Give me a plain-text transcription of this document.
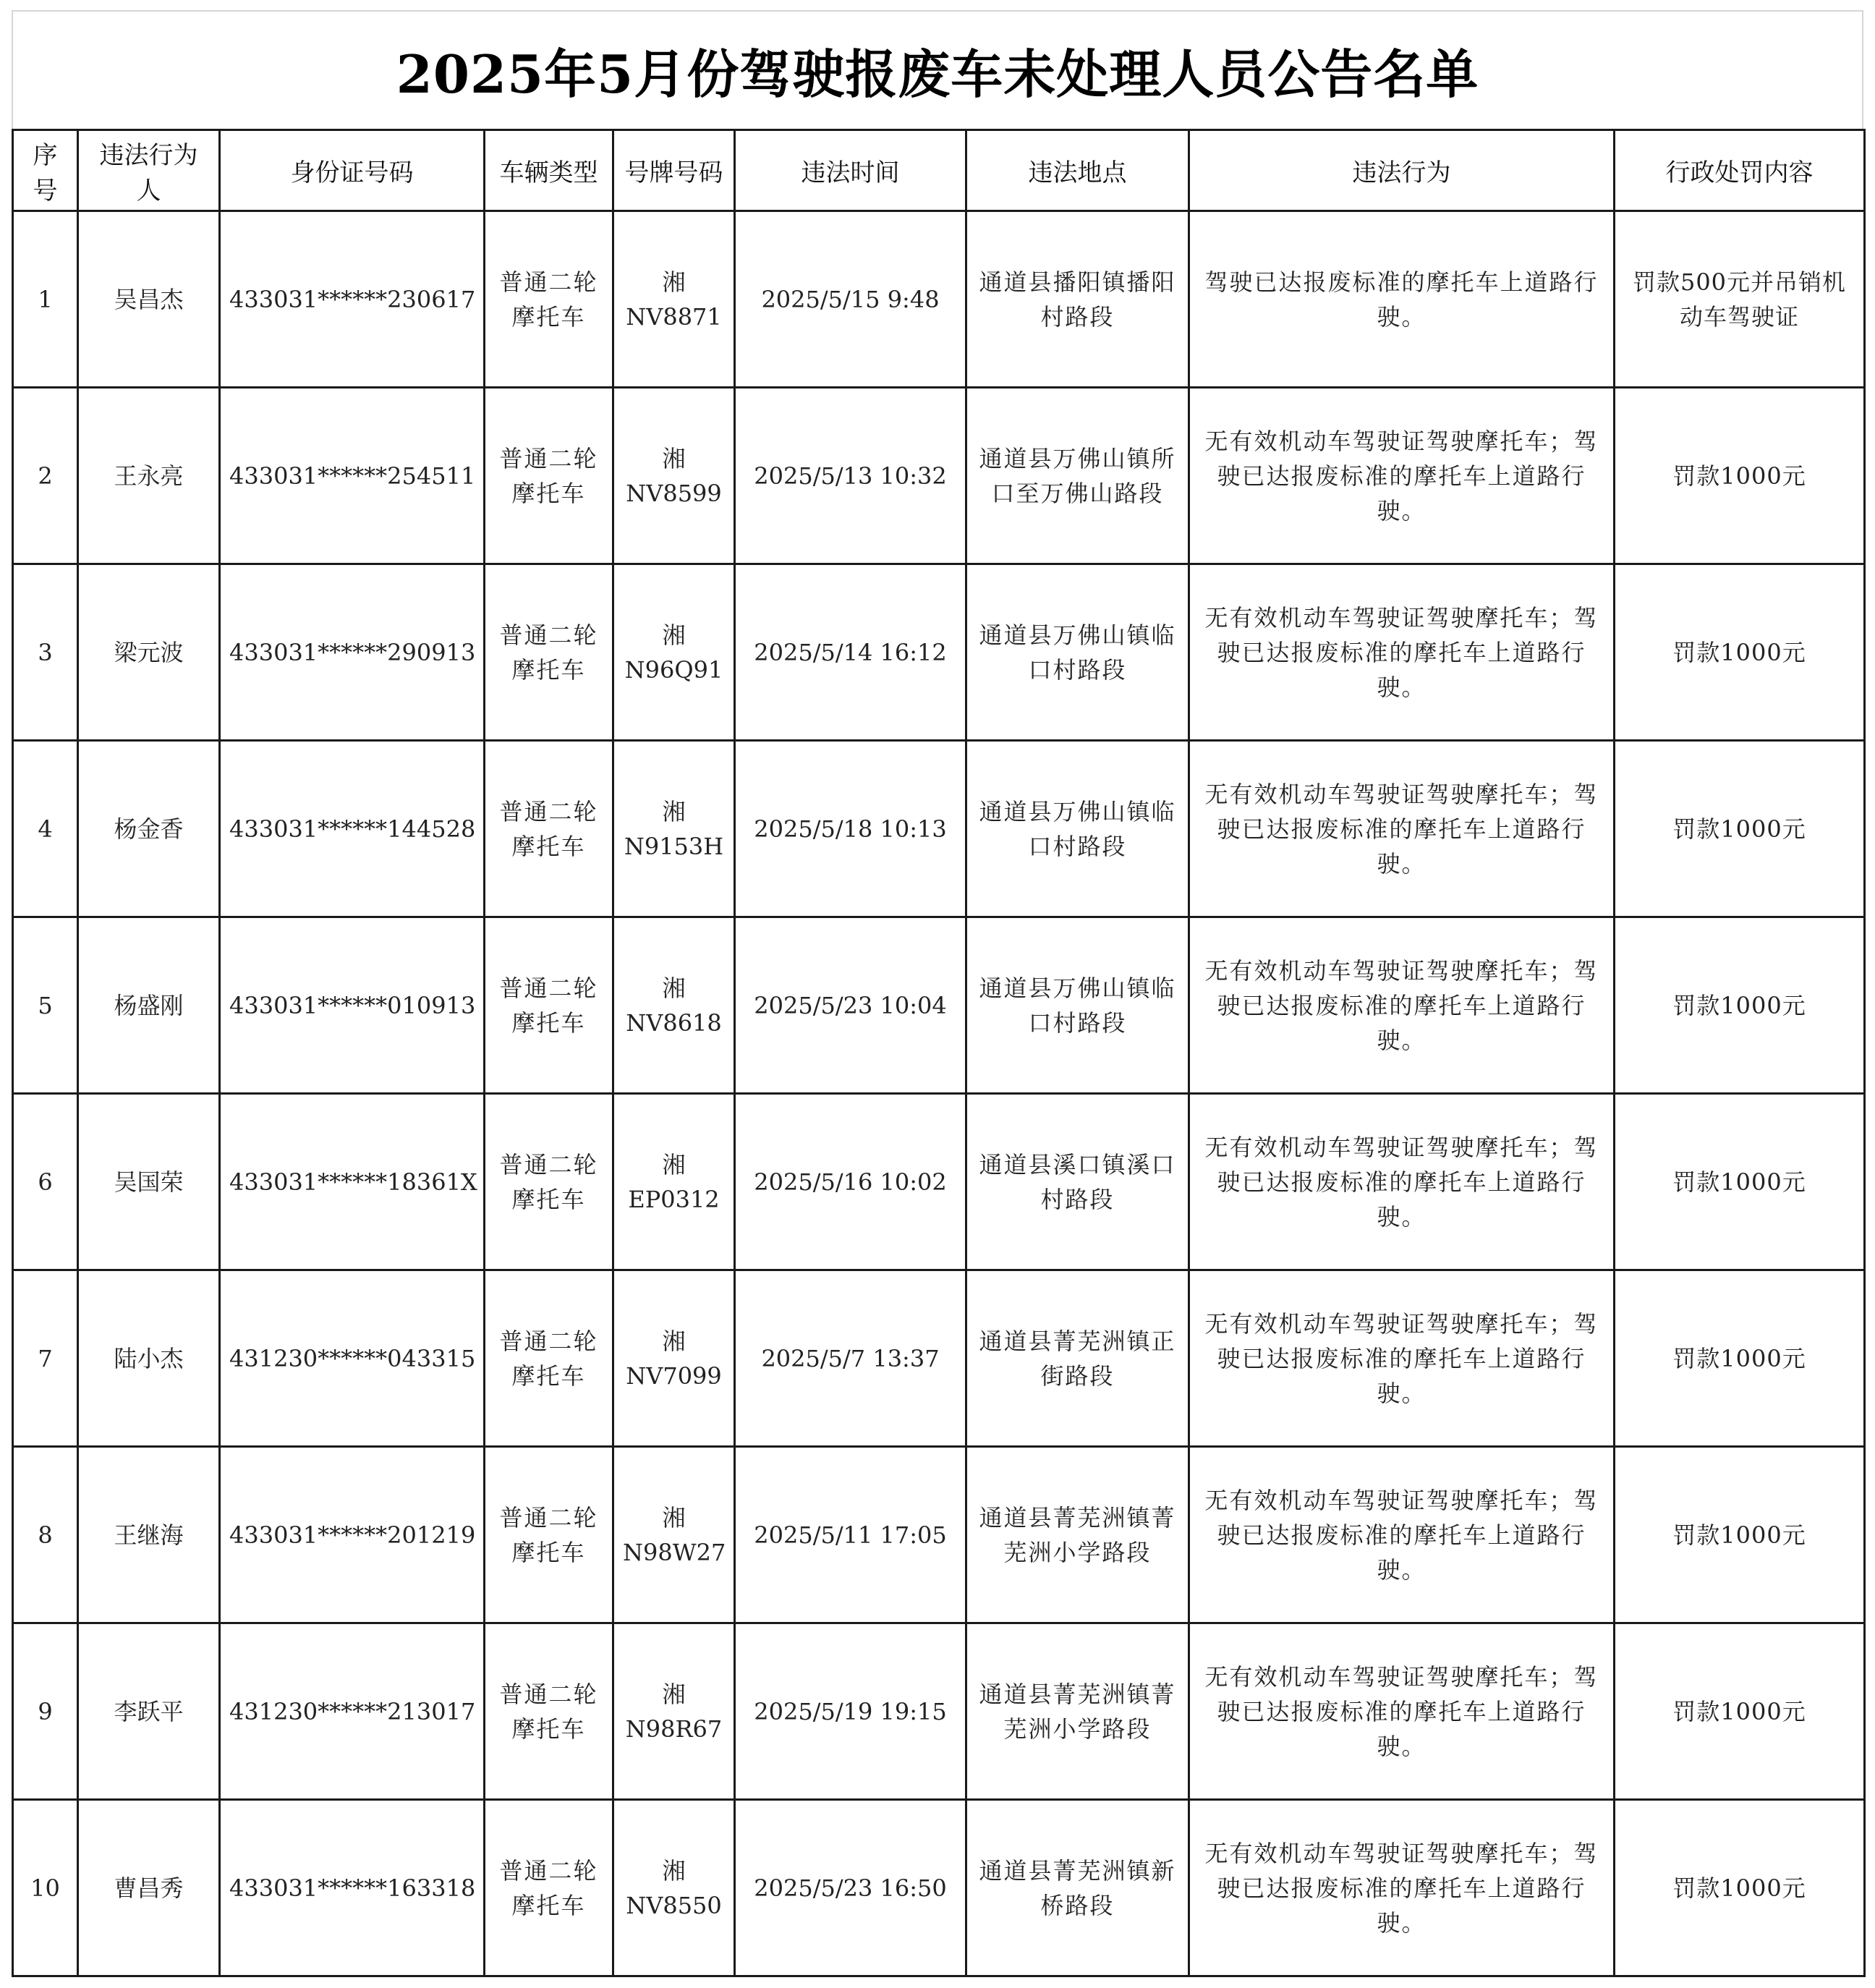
2025年5月份驾驶报废车未处理人员公告名单
序号	违法行为人	身份证号码	车辆类型	号牌号码	违法时间	违法地点	违法行为	行政处罚内容
1	吴昌杰	433031******230617	普通二轮摩托车	湘NV8871	2025/5/15 9:48	通道县播阳镇播阳村路段	驾驶已达报废标准的摩托车上道路行驶。	罚款500元并吊销机动车驾驶证
2	王永亮	433031******254511	普通二轮摩托车	湘NV8599	2025/5/13 10:32	通道县万佛山镇所口至万佛山路段	无有效机动车驾驶证驾驶摩托车；驾驶已达报废标准的摩托车上道路行驶。	罚款1000元
3	梁元波	433031******290913	普通二轮摩托车	湘N96Q91	2025/5/14 16:12	通道县万佛山镇临口村路段	无有效机动车驾驶证驾驶摩托车；驾驶已达报废标准的摩托车上道路行驶。	罚款1000元
4	杨金香	433031******144528	普通二轮摩托车	湘N9153H	2025/5/18 10:13	通道县万佛山镇临口村路段	无有效机动车驾驶证驾驶摩托车；驾驶已达报废标准的摩托车上道路行驶。	罚款1000元
5	杨盛刚	433031******010913	普通二轮摩托车	湘NV8618	2025/5/23 10:04	通道县万佛山镇临口村路段	无有效机动车驾驶证驾驶摩托车；驾驶已达报废标准的摩托车上道路行驶。	罚款1000元
6	吴国荣	433031******18361X	普通二轮摩托车	湘EP0312	2025/5/16 10:02	通道县溪口镇溪口村路段	无有效机动车驾驶证驾驶摩托车；驾驶已达报废标准的摩托车上道路行驶。	罚款1000元
7	陆小杰	431230******043315	普通二轮摩托车	湘NV7099	2025/5/7 13:37	通道县菁芜洲镇正街路段	无有效机动车驾驶证驾驶摩托车；驾驶已达报废标准的摩托车上道路行驶。	罚款1000元
8	王继海	433031******201219	普通二轮摩托车	湘N98W27	2025/5/11 17:05	通道县菁芜洲镇菁芜洲小学路段	无有效机动车驾驶证驾驶摩托车；驾驶已达报废标准的摩托车上道路行驶。	罚款1000元
9	李跃平	431230******213017	普通二轮摩托车	湘N98R67	2025/5/19 19:15	通道县菁芜洲镇菁芜洲小学路段	无有效机动车驾驶证驾驶摩托车；驾驶已达报废标准的摩托车上道路行驶。	罚款1000元
10	曹昌秀	433031******163318	普通二轮摩托车	湘NV8550	2025/5/23 16:50	通道县菁芜洲镇新桥路段	无有效机动车驾驶证驾驶摩托车；驾驶已达报废标准的摩托车上道路行驶。	罚款1000元
